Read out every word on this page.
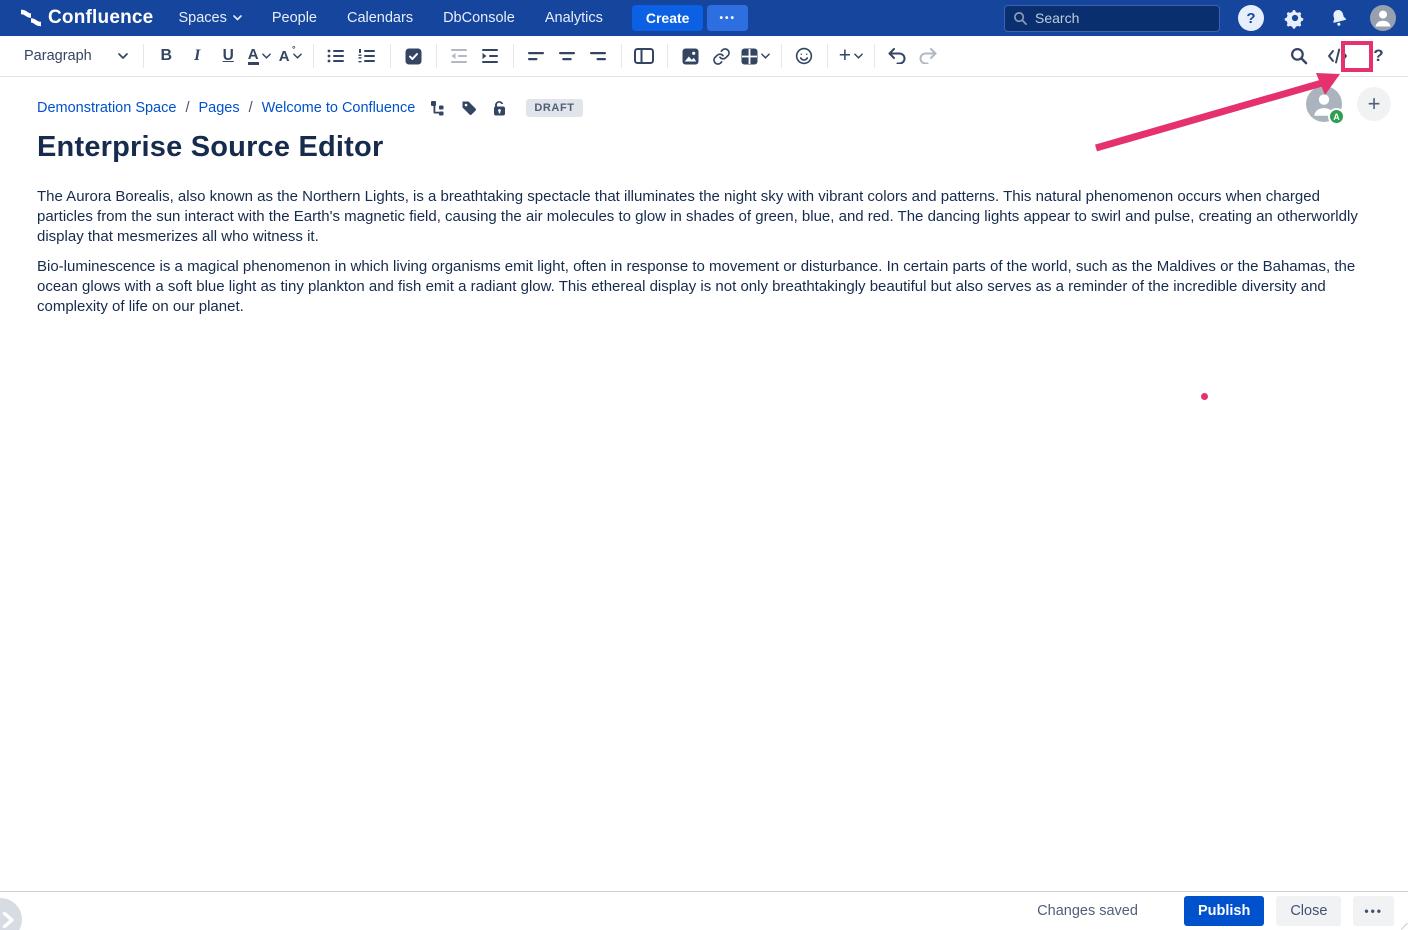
Confluence Spaces	People	Calendars	DbConsole	Analytics	Create	•••
Search	?
Paragraph	B	I	U A A °	+	?
Demonstration Space / Pages / Welcome to Confluence	DRAFT
A
+
Enterprise Source Editor

The Aurora Borealis, also known as the Northern Lights, is a breathtaking spectacle that illuminates the night sky with vibrant colors and patterns. This natural phenomenon occurs when charged particles from the sun interact with the Earth's magnetic field, causing the air molecules to glow in shades of green, blue, and red. The dancing lights appear to swirl and pulse, creating an otherworldly display that mesmerizes all who witness it.

Bio-luminescence is a magical phenomenon in which living organisms emit light, often in response to movement or disturbance. In certain parts of the world, such as the Maldives or the Bahamas, the ocean glows with a soft blue light as tiny plankton and fish emit a radiant glow. This ethereal display is not only breathtakingly beautiful but also serves as a reminder of the incredible diversity and complexity of life on our planet.

Changes saved	Publish	Close	•••
